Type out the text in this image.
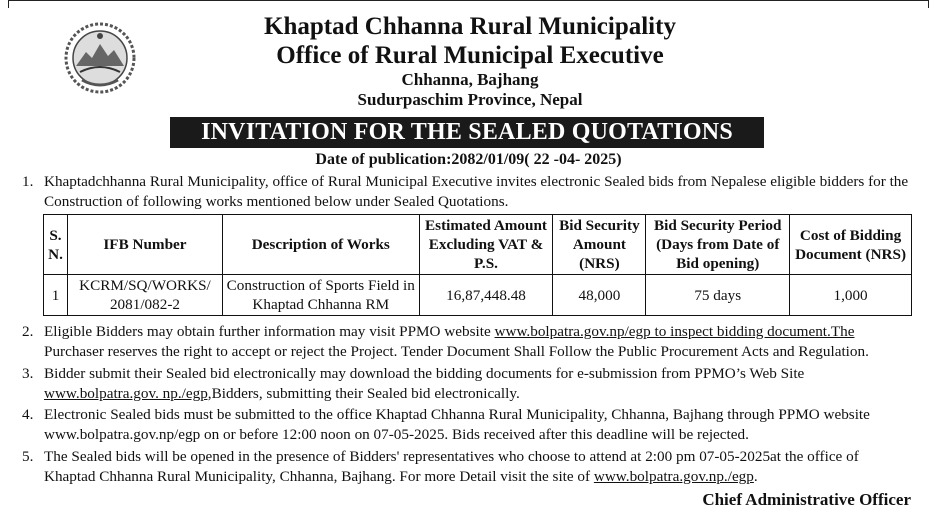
Khaptad Chhanna Rural Municipality
Office of Rural Municipal Executive
Chhanna, Bajhang
Sudurpaschim Province, Nepal
INVITATION FOR THE SEALED QUOTATIONS
Date of publication:2082/01/09( 22 -04- 2025)
1. Khaptadchhanna Rural Municipality, office of Rural Municipal Executive invites electronic Sealed bids from Nepalese eligible bidders for the Construction of following works mentioned below under Sealed Quotations.
S. N.	IFB Number	Description of Works	Estimated Amount Excluding VAT & P.S.	Bid Security Amount (NRS)	Bid Security Period (Days from Date of Bid opening)	Cost of Bidding Document (NRS)
1	KCRM/SQ/WORKS/ 2081/082-2	Construction of Sports Field in Khaptad Chhanna RM	16,87,448.48	48,000	75 days	1,000
2. Eligible Bidders may obtain further information may visit PPMO website www.bolpatra.gov.np/egp to inspect bidding document.The Purchaser reserves the right to accept or reject the Project. Tender Document Shall Follow the Public Procurement Acts and Regulation.
3. Bidder submit their Sealed bid electronically may download the bidding documents for e-submission from PPMO’s Web Site www.bolpatra.gov. np./egp,Bidders, submitting their Sealed bid electronically.
4. Electronic Sealed bids must be submitted to the office Khaptad Chhanna Rural Municipality, Chhanna, Bajhang through PPMO website www.bolpatra.gov.np/egp on or before 12:00 noon on 07-05-2025. Bids received after this deadline will be rejected.
5. The Sealed bids will be opened in the presence of Bidders' representatives who choose to attend at 2:00 pm 07-05-2025at the office of Khaptad Chhanna Rural Municipality, Chhanna, Bajhang. For more Detail visit the site of www.bolpatra.gov.np./egp.
Chief Administrative Officer
